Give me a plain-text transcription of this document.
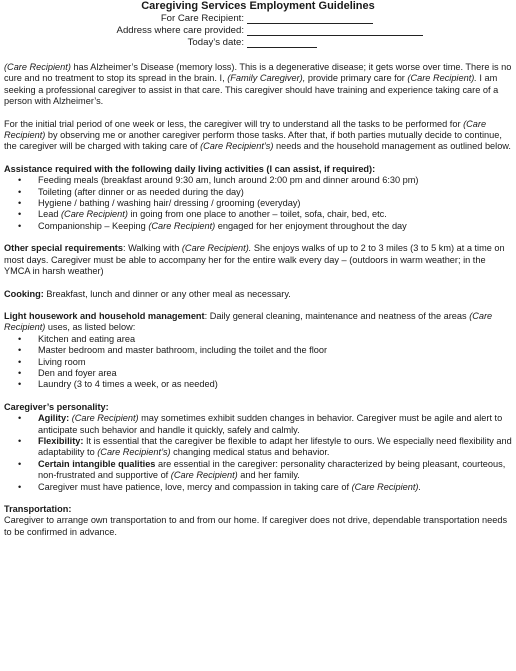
Caregiving Services Employment Guidelines
For Care Recipient:
Address where care provided:
Today’s date:

(Care Recipient) has Alzheimer’s Disease (memory loss). This is a degenerative disease; it gets worse over time. There is no cure and no treatment to stop its spread in the brain. I, (Family Caregiver), provide primary care for (Care Recipient). I am seeking a professional caregiver to assist in that care. This caregiver should have training and experience taking care of a person with Alzheimer’s.

For the initial trial period of one week or less, the caregiver will try to understand all the tasks to be performed for (Care Recipient) by observing me or another caregiver perform those tasks. After that, if both parties mutually decide to continue, the caregiver will be charged with taking care of (Care Recipient’s) needs and the household management as outlined below.

Assistance required with the following daily living activities (I can assist, if required):
• Feeding meals (breakfast around 9:30 am, lunch around 2:00 pm and dinner around 6:30 pm)
• Toileting (after dinner or as needed during the day)
• Hygiene / bathing / washing hair/ dressing / grooming (everyday)
• Lead (Care Recipient) in going from one place to another – toilet, sofa, chair, bed, etc.
• Companionship – Keeping (Care Recipient) engaged for her enjoyment throughout the day

Other special requirements: Walking with (Care Recipient). She enjoys walks of up to 2 to 3 miles (3 to 5 km) at a time on most days. Caregiver must be able to accompany her for the entire walk every day – (outdoors in warm weather; in the YMCA in harsh weather)

Cooking: Breakfast, lunch and dinner or any other meal as necessary.

Light housework and household management: Daily general cleaning, maintenance and neatness of the areas (Care Recipient) uses, as listed below:
• Kitchen and eating area
• Master bedroom and master bathroom, including the toilet and the floor
• Living room
• Den and foyer area
• Laundry (3 to 4 times a week, or as needed)
Caregiver’s personality:
• Agility: (Care Recipient) may sometimes exhibit sudden changes in behavior. Caregiver must be agile and alert to anticipate such behavior and handle it quickly, safely and calmly.
• Flexibility: It is essential that the caregiver be flexible to adapt her lifestyle to ours. We especially need flexibility and adaptability to (Care Recipient’s) changing medical status and behavior.
• Certain intangible qualities are essential in the caregiver: personality characterized by being pleasant, courteous, non-frustrated and supportive of (Care Recipient) and her family.
• Caregiver must have patience, love, mercy and compassion in taking care of (Care Recipient).
Transportation:
Caregiver to arrange own transportation to and from our home. If caregiver does not drive, dependable transportation needs to be confirmed in advance.
